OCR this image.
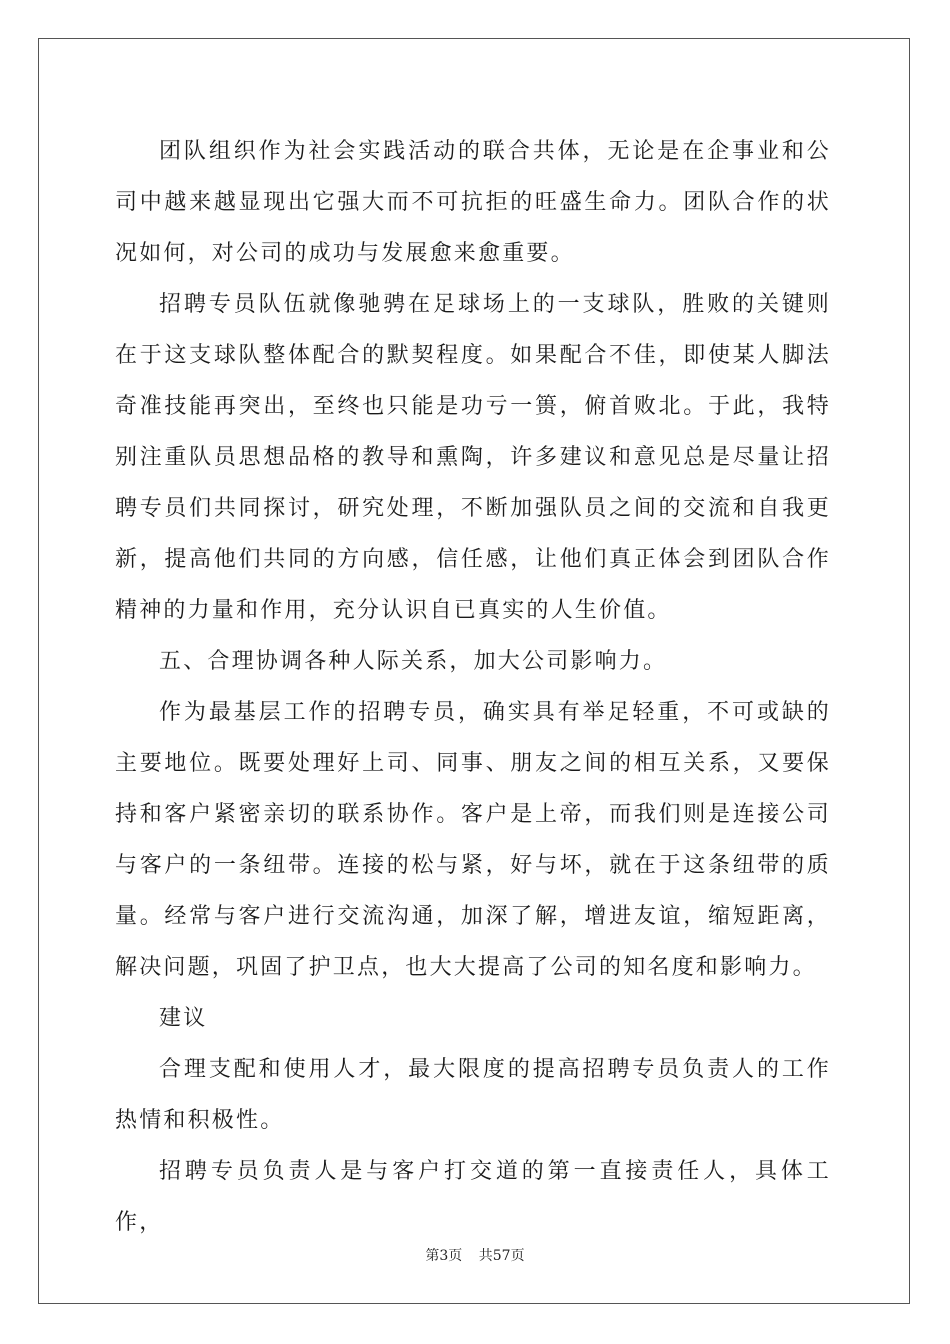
团队组织作为社会实践活动的联合共体，无论是在企事业和公司中越来越显现出它强大而不可抗拒的旺盛生命力。团队合作的状况如何，对公司的成功与发展愈来愈重要。

招聘专员队伍就像驰骋在足球场上的一支球队，胜败的关键则在于这支球队整体配合的默契程度。如果配合不佳，即使某人脚法奇准技能再突出，至终也只能是功亏一篑，俯首败北。于此，我特别注重队员思想品格的教导和熏陶，许多建议和意见总是尽量让招聘专员们共同探讨，研究处理，不断加强队员之间的交流和自我更新，提高他们共同的方向感，信任感，让他们真正体会到团队合作精神的力量和作用，充分认识自已真实的人生价值。

五、合理协调各种人际关系，加大公司影响力。

作为最基层工作的招聘专员，确实具有举足轻重，不可或缺的主要地位。既要处理好上司、同事、朋友之间的相互关系，又要保持和客户紧密亲切的联系协作。客户是上帝，而我们则是连接公司与客户的一条纽带。连接的松与紧，好与坏，就在于这条纽带的质量。经常与客户进行交流沟通，加深了解，增进友谊，缩短距离，解决问题，巩固了护卫点，也大大提高了公司的知名度和影响力。

建议

合理支配和使用人才，最大限度的提高招聘专员负责人的工作热情和积极性。

招聘专员负责人是与客户打交道的第一直接责任人，具体工作，

第3页 共57页
